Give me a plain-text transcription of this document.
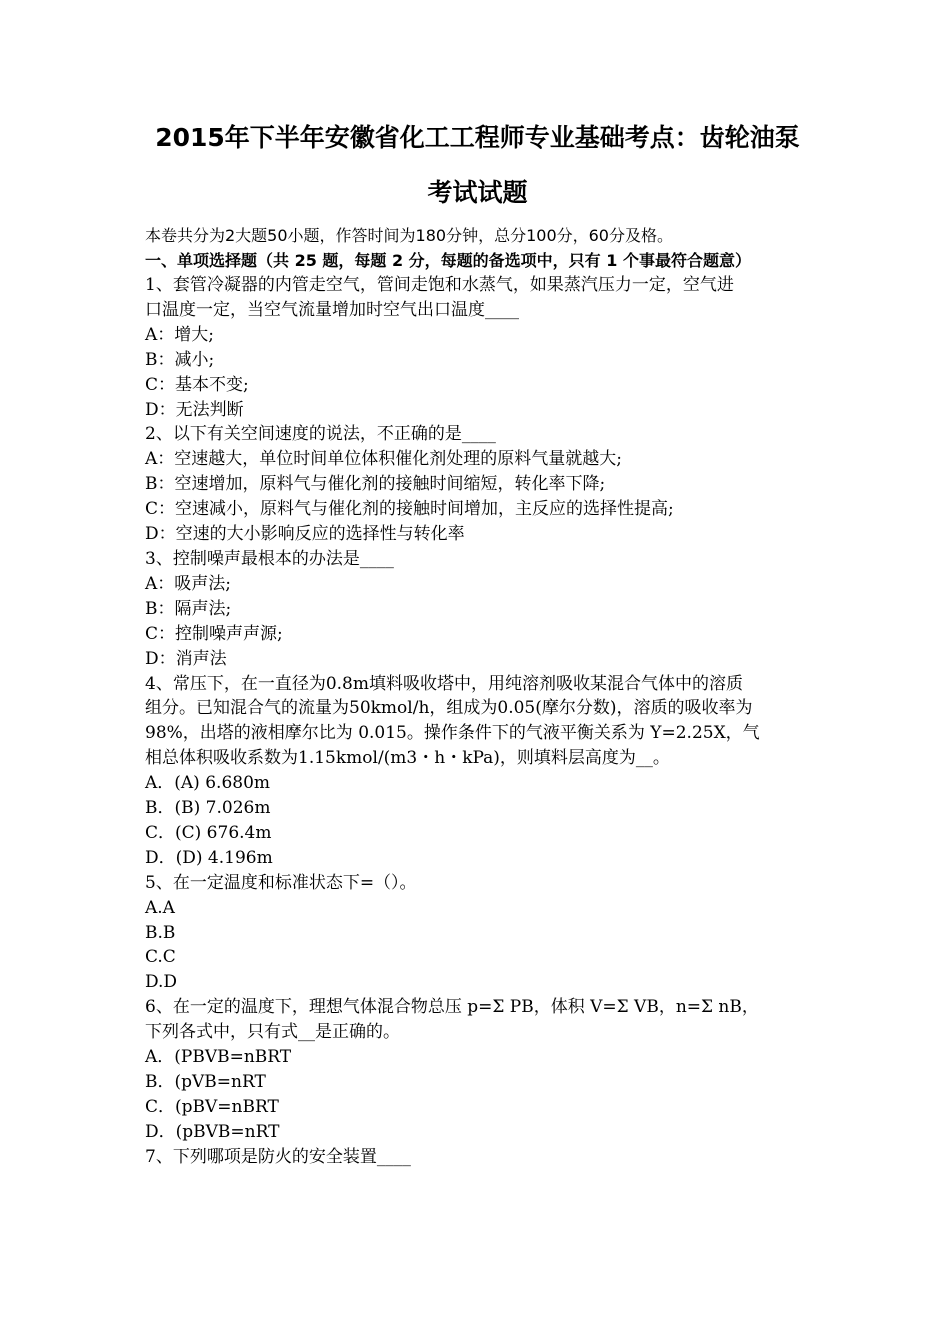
2015年下半年安徽省化工工程师专业基础考点：齿轮油泵
考试试题
本卷共分为2大题50小题，作答时间为180分钟，总分100分，60分及格。
一、单项选择题（共 25 题，每题 2 分，每题的备选项中，只有 1 个事最符合题意）
1、套管冷凝器的内管走空气，管间走饱和水蒸气，如果蒸汽压力一定，空气进
口温度一定，当空气流量增加时空气出口温度____
A：增大;
B：减小;
C：基本不变;
D：无法判断
2、以下有关空间速度的说法，不正确的是____
A：空速越大，单位时间单位体积催化剂处理的原料气量就越大;
B：空速增加，原料气与催化剂的接触时间缩短，转化率下降;
C：空速减小，原料气与催化剂的接触时间增加，主反应的选择性提高;
D：空速的大小影响反应的选择性与转化率
3、控制噪声最根本的办法是____
A：吸声法;
B：隔声法;
C：控制噪声声源;
D：消声法
4、常压下，在一直径为0.8m填料吸收塔中，用纯溶剂吸收某混合气体中的溶质
组分。已知混合气的流量为50kmol/h，组成为0.05(摩尔分数)，溶质的吸收率为
98%，出塔的液相摩尔比为 0.015。操作条件下的气液平衡关系为 Y=2.25X，气
相总体积吸收系数为1.15kmol/(m3・h・kPa)，则填料层高度为__。
A．(A) 6.680m
B．(B) 7.026m
C．(C) 676.4m
D．(D) 4.196m
5、在一定温度和标准状态下=（）。
A.A
B.B
C.C
D.D
6、在一定的温度下，理想气体混合物总压 p=Σ PB，体积 V=Σ VB，n=Σ nB，
下列各式中，只有式__是正确的。
A．(PBVB=nBRT
B．(pVB=nRT
C．(pBV=nBRT
D．(pBVB=nRT
7、下列哪项是防火的安全装置____
